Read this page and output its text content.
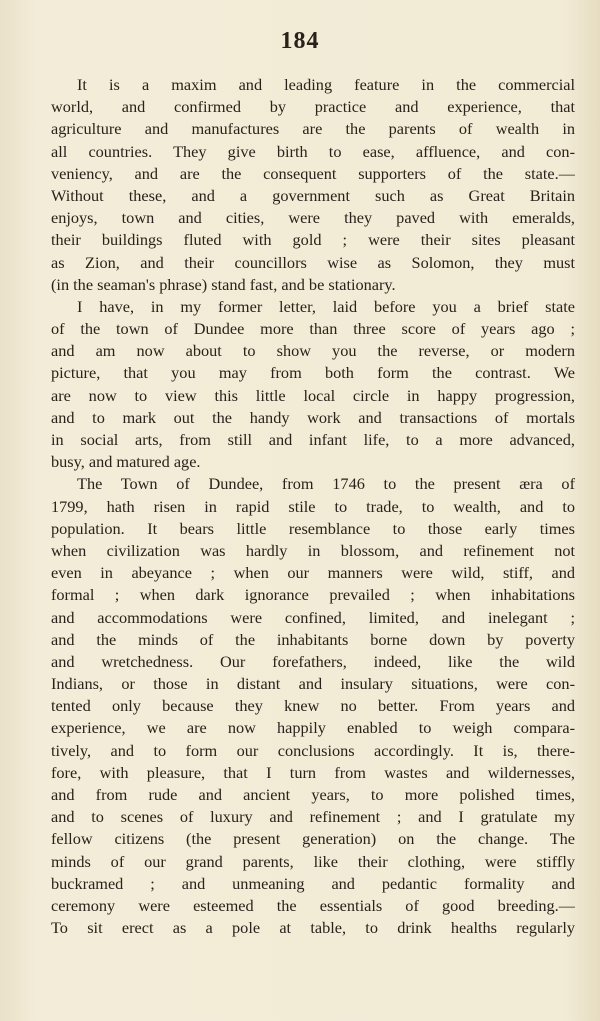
184
It is a maxim and leading feature in the commercial
world, and confirmed by practice and experience, that
agriculture and manufactures are the parents of wealth in
all countries. They give birth to ease, affluence, and con-
veniency, and are the consequent supporters of the state.—
Without these, and a government such as Great Britain
enjoys, town and cities, were they paved with emeralds,
their buildings fluted with gold ; were their sites pleasant
as Zion, and their councillors wise as Solomon, they must
(in the seaman's phrase) stand fast, and be stationary.
I have, in my former letter, laid before you a brief state
of the town of Dundee more than three score of years ago ;
and am now about to show you the reverse, or modern
picture, that you may from both form the contrast. We
are now to view this little local circle in happy progression,
and to mark out the handy work and transactions of mortals
in social arts, from still and infant life, to a more advanced,
busy, and matured age.
The Town of Dundee, from 1746 to the present æra of
1799, hath risen in rapid stile to trade, to wealth, and to
population. It bears little resemblance to those early times
when civilization was hardly in blossom, and refinement not
even in abeyance ; when our manners were wild, stiff, and
formal ; when dark ignorance prevailed ; when inhabitations
and accommodations were confined, limited, and inelegant ;
and the minds of the inhabitants borne down by poverty
and wretchedness. Our forefathers, indeed, like the wild
Indians, or those in distant and insulary situations, were con-
tented only because they knew no better. From years and
experience, we are now happily enabled to weigh compara-
tively, and to form our conclusions accordingly. It is, there-
fore, with pleasure, that I turn from wastes and wildernesses,
and from rude and ancient years, to more polished times,
and to scenes of luxury and refinement ; and I gratulate my
fellow citizens (the present generation) on the change. The
minds of our grand parents, like their clothing, were stiffly
buckramed ; and unmeaning and pedantic formality and
ceremony were esteemed the essentials of good breeding.—
To sit erect as a pole at table, to drink healths regularly
